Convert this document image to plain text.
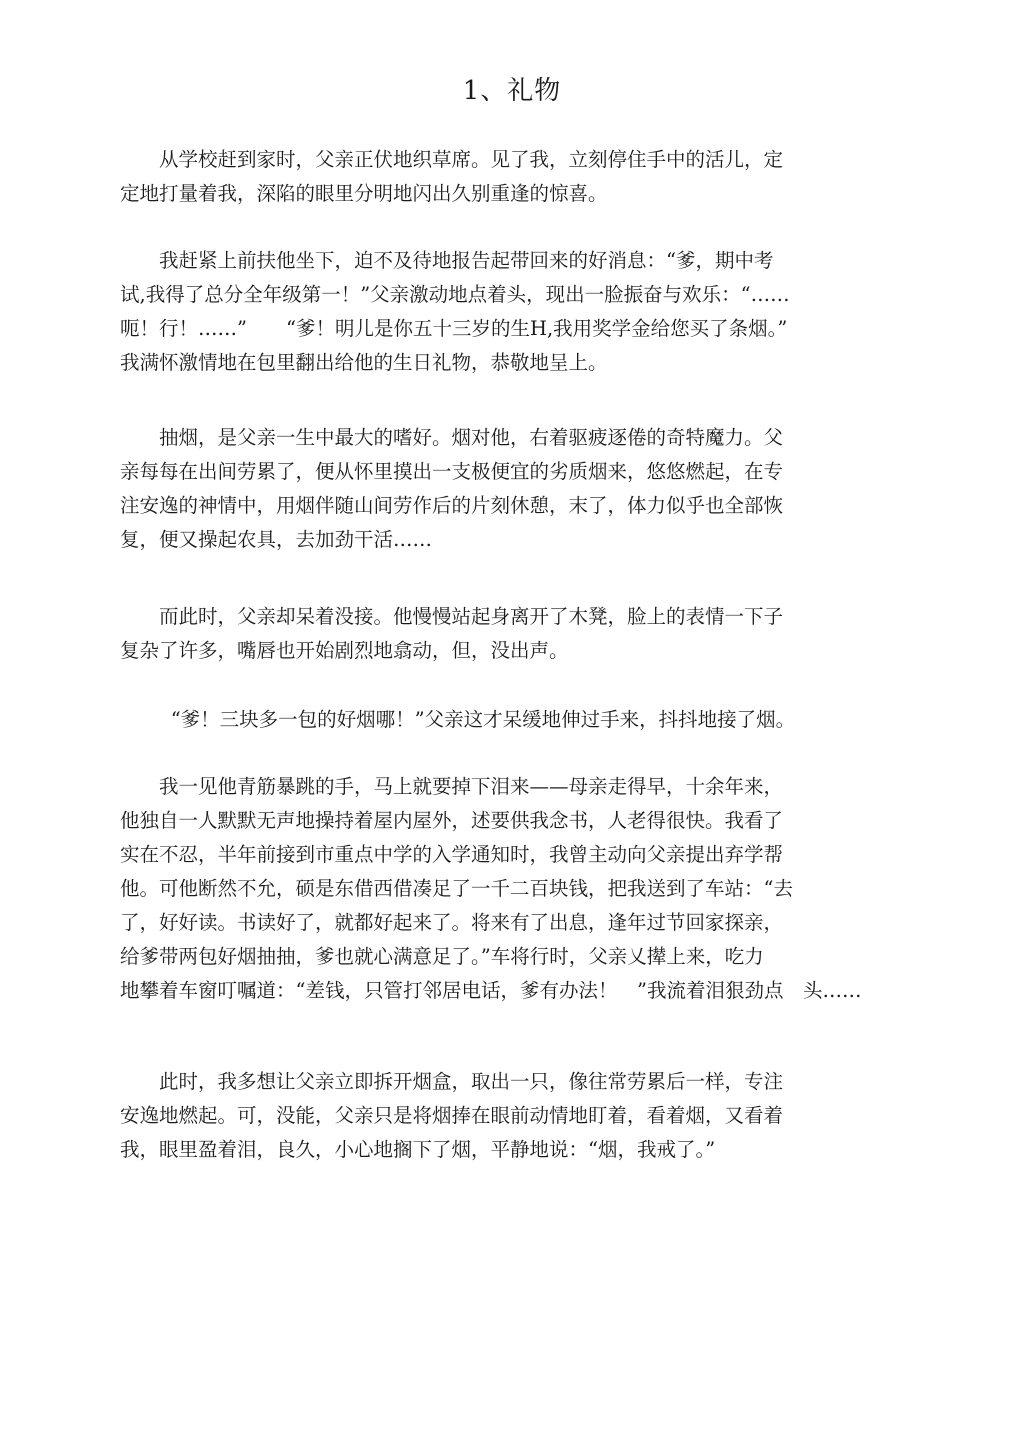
1、礼物
从学校赶到家时，父亲正伏地织草席。见了我，立刻停住手中的活儿，定
定地打量着我，深陷的眼里分明地闪出久别重逢的惊喜。
我赶紧上前扶他坐下，迫不及待地报告起带回来的好消息：“爹，期中考
试,我得了总分全年级第一！”父亲激动地点着头，现出一脸振奋与欢乐：“……
呃！行！……”　　“爹！明儿是你五十三岁的生H,我用奖学金给您买了条烟。”
我满怀激情地在包里翻出给他的生日礼物，恭敬地呈上。
抽烟，是父亲一生中最大的嗜好。烟对他，右着驱疲逐倦的奇特魔力。父
亲每每在出间劳累了，便从怀里摸出一支极便宜的劣质烟来，悠悠燃起，在专
注安逸的神情中，用烟伴随山间劳作后的片刻休憩，末了，体力似乎也全部恢
复，便又操起农具，去加劲干活……
而此时，父亲却呆着没接。他慢慢站起身离开了木凳，脸上的表情一下子
复杂了许多，嘴唇也开始剧烈地翕动，但，没出声。
“爹！三块多一包的好烟哪！”父亲这才呆缓地伸过手来，抖抖地接了烟。
我一见他青筋暴跳的手，马上就要掉下泪来——母亲走得早，十余年来，
他独自一人默默无声地操持着屋内屋外，述要供我念书，人老得很快。我看了
实在不忍，半年前接到市重点中学的入学通知时，我曾主动向父亲提出弃学帮
他。可他断然不允，硕是东借西借凑足了一千二百块钱，把我送到了车站：“去
了，好好读。书读好了，就都好起来了。将来有了出息，逢年过节回家探亲，
给爹带两包好烟抽抽，爹也就心满意足了。”车将行时，父亲乂撵上来，吃力
地攀着车窗叮嘱道：“差钱，只管打邻居电话，爹有办法！　”我流着泪狠劲点　头……
此时，我多想让父亲立即拆开烟盒，取出一只，像往常劳累后一样，专注
安逸地燃起。可，没能，父亲只是将烟捧在眼前动情地盯着，看着烟，又看着
我，眼里盈着泪，良久，小心地搁下了烟，平静地说：“烟，我戒了。”
